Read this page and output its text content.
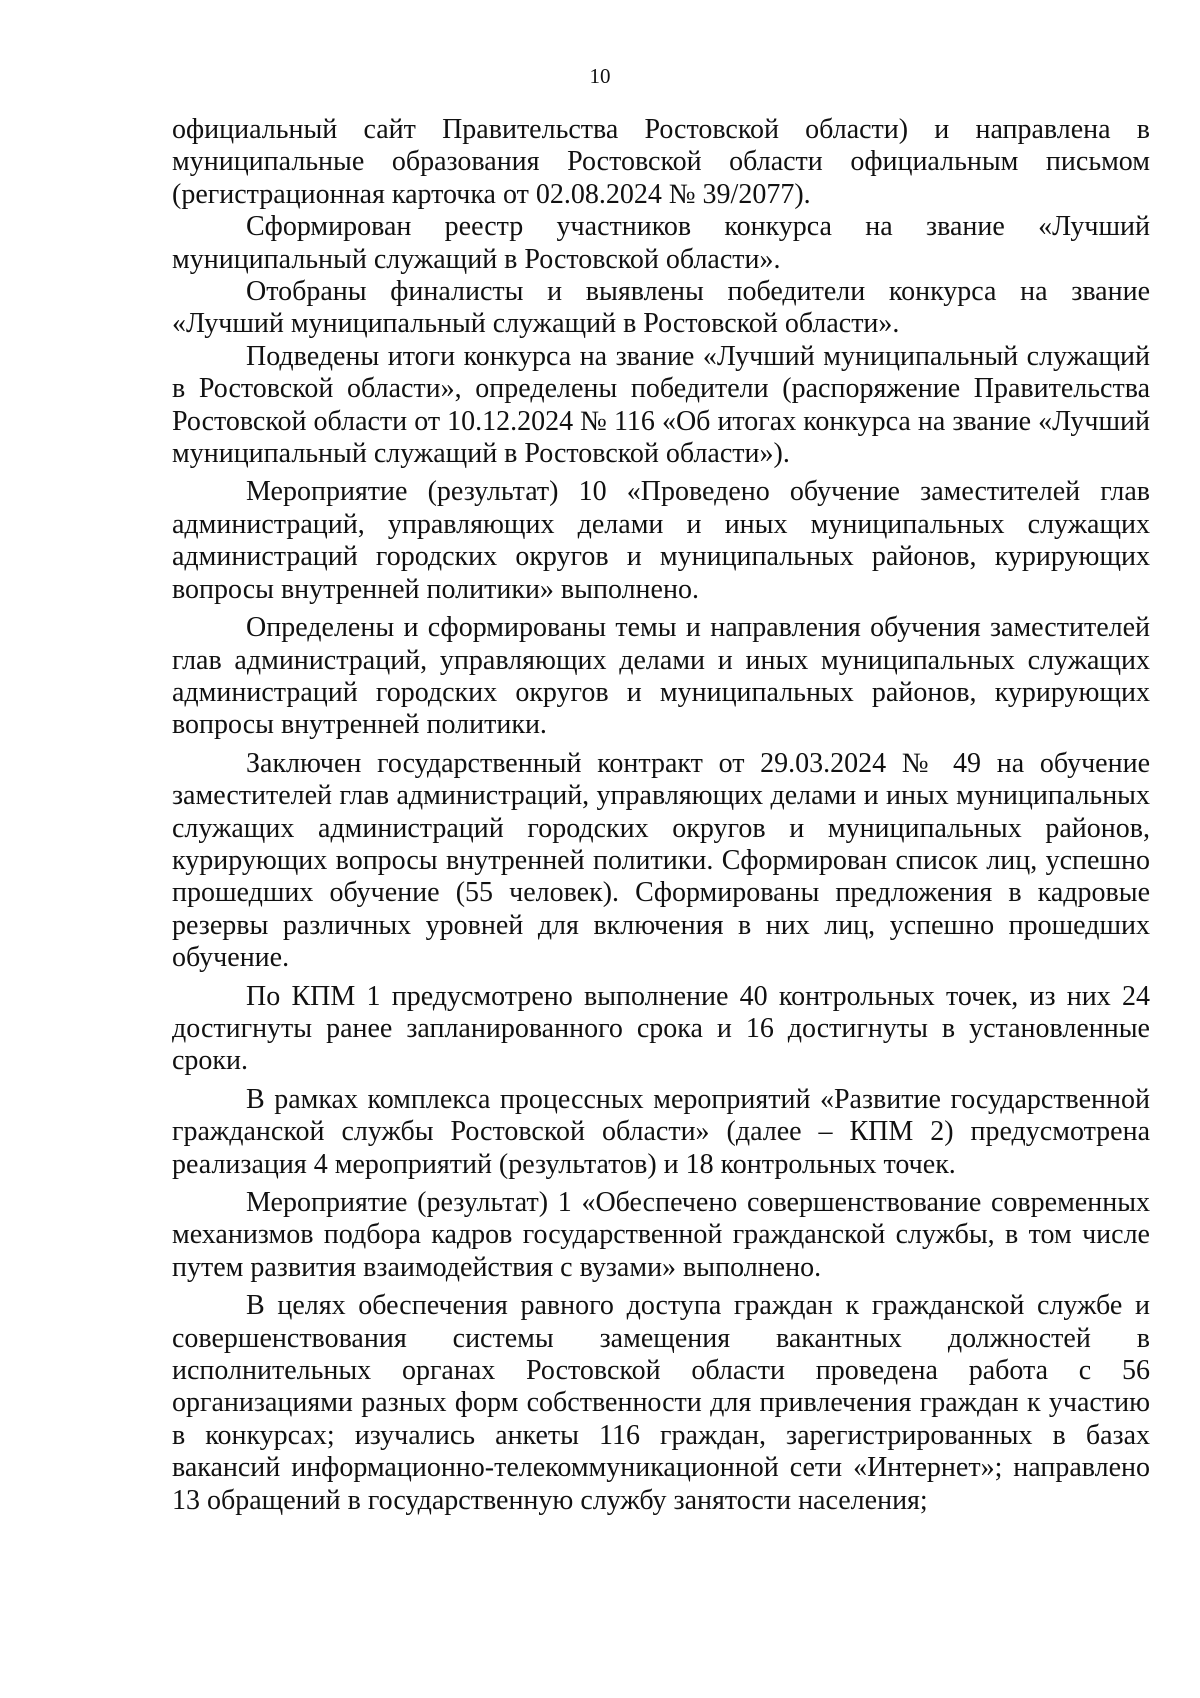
10

официальный сайт Правительства Ростовской области) и направлена в муниципальные образования Ростовской области официальным письмом (регистрационная карточка от 02.08.2024 № 39/2077).

Сформирован реестр участников конкурса на звание «Лучший муниципальный служащий в Ростовской области».

Отобраны финалисты и выявлены победители конкурса на звание «Лучший муниципальный служащий в Ростовской области».

Подведены итоги конкурса на звание «Лучший муниципальный служащий в Ростовской области», определены победители (распоряжение Правительства Ростовской области от 10.12.2024 № 116 «Об итогах конкурса на звание «Лучший муниципальный служащий в Ростовской области»).

Мероприятие (результат) 10 «Проведено обучение заместителей глав администраций, управляющих делами и иных муниципальных служащих администраций городских округов и муниципальных районов, курирующих вопросы внутренней политики» выполнено.

Определены и сформированы темы и направления обучения заместителей глав администраций, управляющих делами и иных муниципальных служащих администраций городских округов и муниципальных районов, курирующих вопросы внутренней политики.

Заключен государственный контракт от 29.03.2024 № 49 на обучение заместителей глав администраций, управляющих делами и иных муниципальных служащих администраций городских округов и муниципальных районов, курирующих вопросы внутренней политики. Сформирован список лиц, успешно прошедших обучение (55 человек). Сформированы предложения в кадровые резервы различных уровней для включения в них лиц, успешно прошедших обучение.

По КПМ 1 предусмотрено выполнение 40 контрольных точек, из них 24 достигнуты ранее запланированного срока и 16 достигнуты в установленные сроки.

В рамках комплекса процессных мероприятий «Развитие государственной гражданской службы Ростовской области» (далее – КПМ 2) предусмотрена реализация 4 мероприятий (результатов) и 18 контрольных точек.

Мероприятие (результат) 1 «Обеспечено совершенствование современных механизмов подбора кадров государственной гражданской службы, в том числе путем развития взаимодействия с вузами» выполнено.

В целях обеспечения равного доступа граждан к гражданской службе и совершенствования системы замещения вакантных должностей в исполнительных органах Ростовской области проведена работа с 56 организациями разных форм собственности для привлечения граждан к участию в конкурсах; изучались анкеты 116 граждан, зарегистрированных в базах вакансий информационно-телекоммуникационной сети «Интернет»; направлено 13 обращений в государственную службу занятости населения;
